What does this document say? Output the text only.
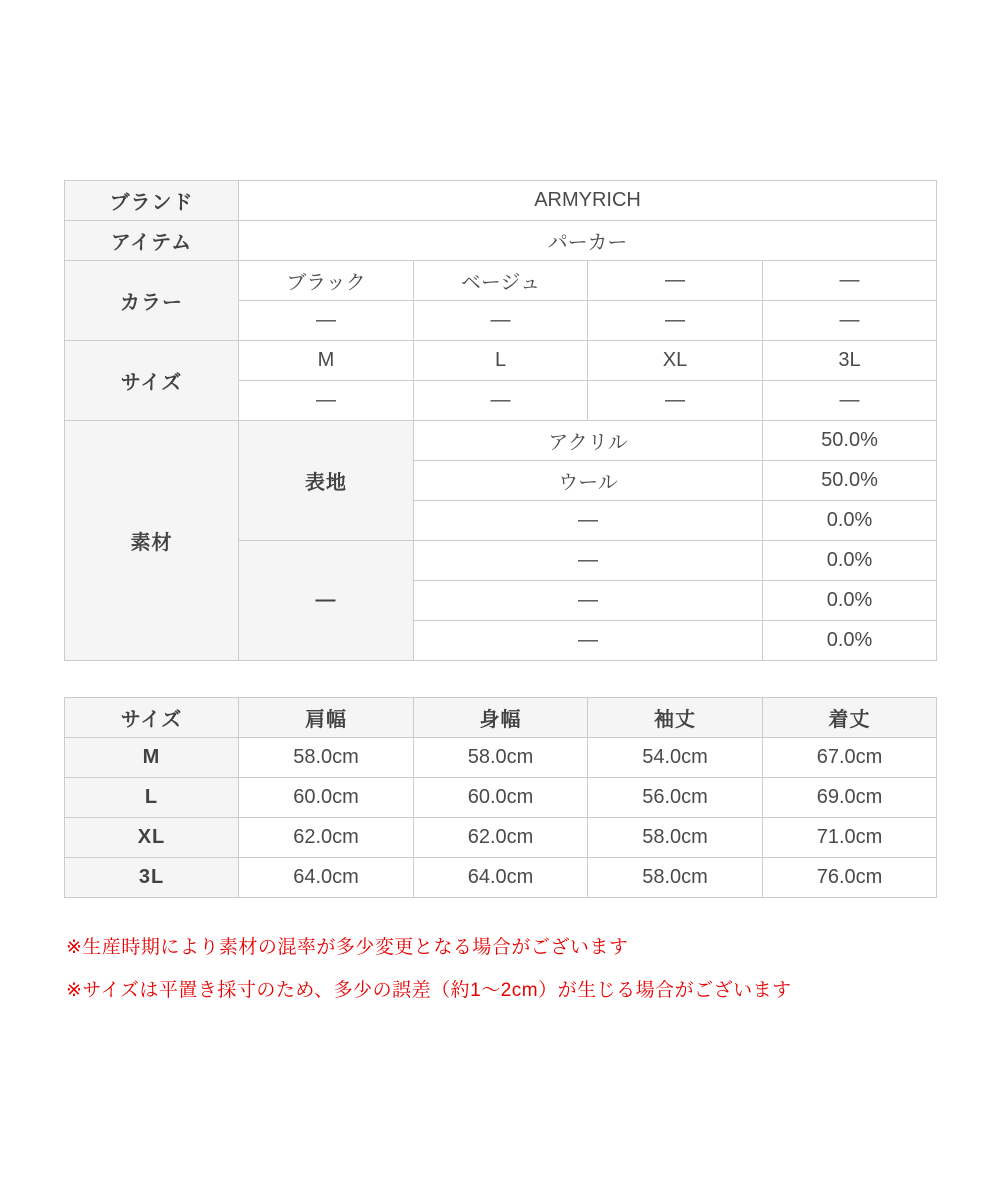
ブランド	ARMYRICH			
アイテム	パーカー			
カラー	ブラック	ベージュ	—	—
	—	—	—	—
サイズ	M	L	XL	3L
	—	—	—	—
素材	表地	アクリル		50.0%
		ウール		50.0%
		—		0.0%
	—	—		0.0%
		—		0.0%
		—		0.0%
サイズ	肩幅	身幅	袖丈	着丈
M	58.0cm	58.0cm	54.0cm	67.0cm
L	60.0cm	60.0cm	56.0cm	69.0cm
XL	62.0cm	62.0cm	58.0cm	71.0cm
3L	64.0cm	64.0cm	58.0cm	76.0cm

※生産時期により素材の混率が多少変更となる場合がございます

※サイズは平置き採寸のため、多少の誤差（約1〜2cm）が生じる場合がございます
